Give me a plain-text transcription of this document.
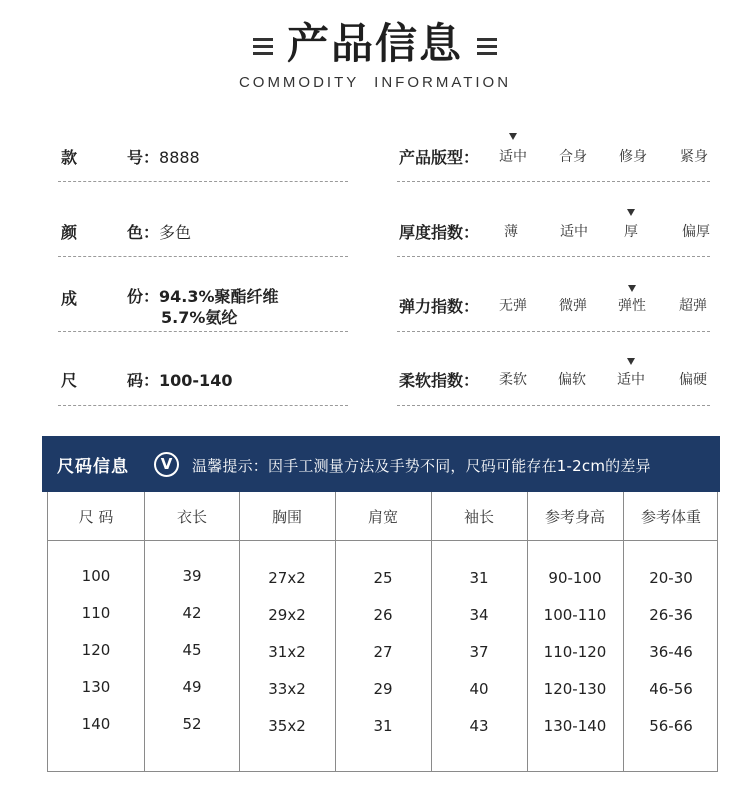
产品信息
COMMODITY INFORMATION
款	号：8888
颜	色：多色
成	份：94.3%聚酯纤维
5.7%氨纶
尺	码：100-140
产品版型：	适中	合身	修身	紧身
厚度指数：	薄	适中	厚	偏厚
弹力指数：	无弹	微弹	弹性	超弹
柔软指数：	柔软	偏软	适中	偏硬
尺码信息	V	温馨提示：因手工测量方法及手势不同，尺码可能存在1-2cm的差异
尺 码	衣长	胸围	肩宽	袖长	参考身高	参考体重
100	39	27x2	25	31	90-100	20-30
110	42	29x2	26	34	100-110	26-36
120	45	31x2	27	37	110-120	36-46
130	49	33x2	29	40	120-130	46-56
140	52	35x2	31	43	130-140	56-66
